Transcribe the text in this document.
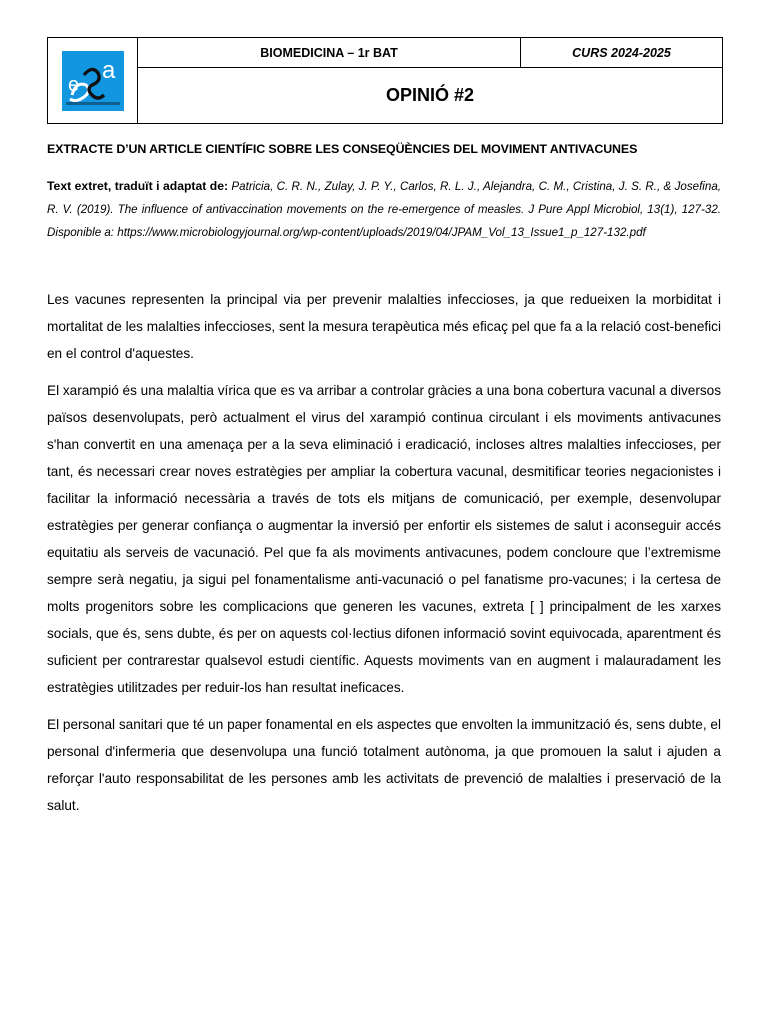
a
e
	BIOMEDICINA – 1r BAT	CURS 2024-2025
OPINIÓ #2
EXTRACTE D’UN ARTICLE CIENTÍFIC SOBRE LES CONSEQÜÈNCIES DEL MOVIMENT ANTIVACUNES
Text extret, traduït i adaptat de: Patricia, C. R. N., Zulay, J. P. Y., Carlos, R. L. J., Alejandra, C. M., Cristina, J. S. R., & Josefina, R. V. (2019). The influence of antivaccination movements on the re-emergence of measles. J Pure Appl Microbiol, 13(1), 127-32. Disponible a: https://www.microbiologyjournal.org/wp-content/uploads/2019/04/JPAM_Vol_13_Issue1_p_127-132.pdf

Les vacunes representen la principal via per prevenir malalties infeccioses, ja que redueixen la morbiditat i mortalitat de les malalties infeccioses, sent la mesura terapèutica més eficaç pel que fa a la relació cost-benefici en el control d'aquestes.

El xarampió és una malaltia vírica que es va arribar a controlar gràcies a una bona cobertura vacunal a diversos països desenvolupats, però actualment el virus del xarampió continua circulant i els moviments antivacunes s'han convertit en una amenaça per a la seva eliminació i eradicació, incloses altres malalties infeccioses, per tant, és necessari crear noves estratègies per ampliar la cobertura vacunal, desmitificar teories negacionistes i facilitar la informació necessària a través de tots els mitjans de comunicació, per exemple, desenvolupar estratègies per generar confiança o augmentar la inversió per enfortir els sistemes de salut i aconseguir accés equitatiu als serveis de vacunació. Pel que fa als moviments antivacunes, podem concloure que l’extremisme sempre serà negatiu, ja sigui pel fonamentalisme anti-vacunació o pel fanatisme pro-vacunes; i la certesa de molts progenitors sobre les complicacions que generen les vacunes, extreta [ ] principalment de les xarxes socials, que és, sens dubte, és per on aquests col·lectius difonen informació sovint equivocada, aparentment és suficient per contrarestar qualsevol estudi científic. Aquests moviments van en augment i malauradament les estratègies utilitzades per reduir-los han resultat ineficaces.

El personal sanitari que té un paper fonamental en els aspectes que envolten la immunització és, sens dubte, el personal d'infermeria que desenvolupa una funció totalment autònoma, ja que promouen la salut i ajuden a reforçar l'auto responsabilitat de les persones amb les activitats de prevenció de malalties i preservació de la salut.
